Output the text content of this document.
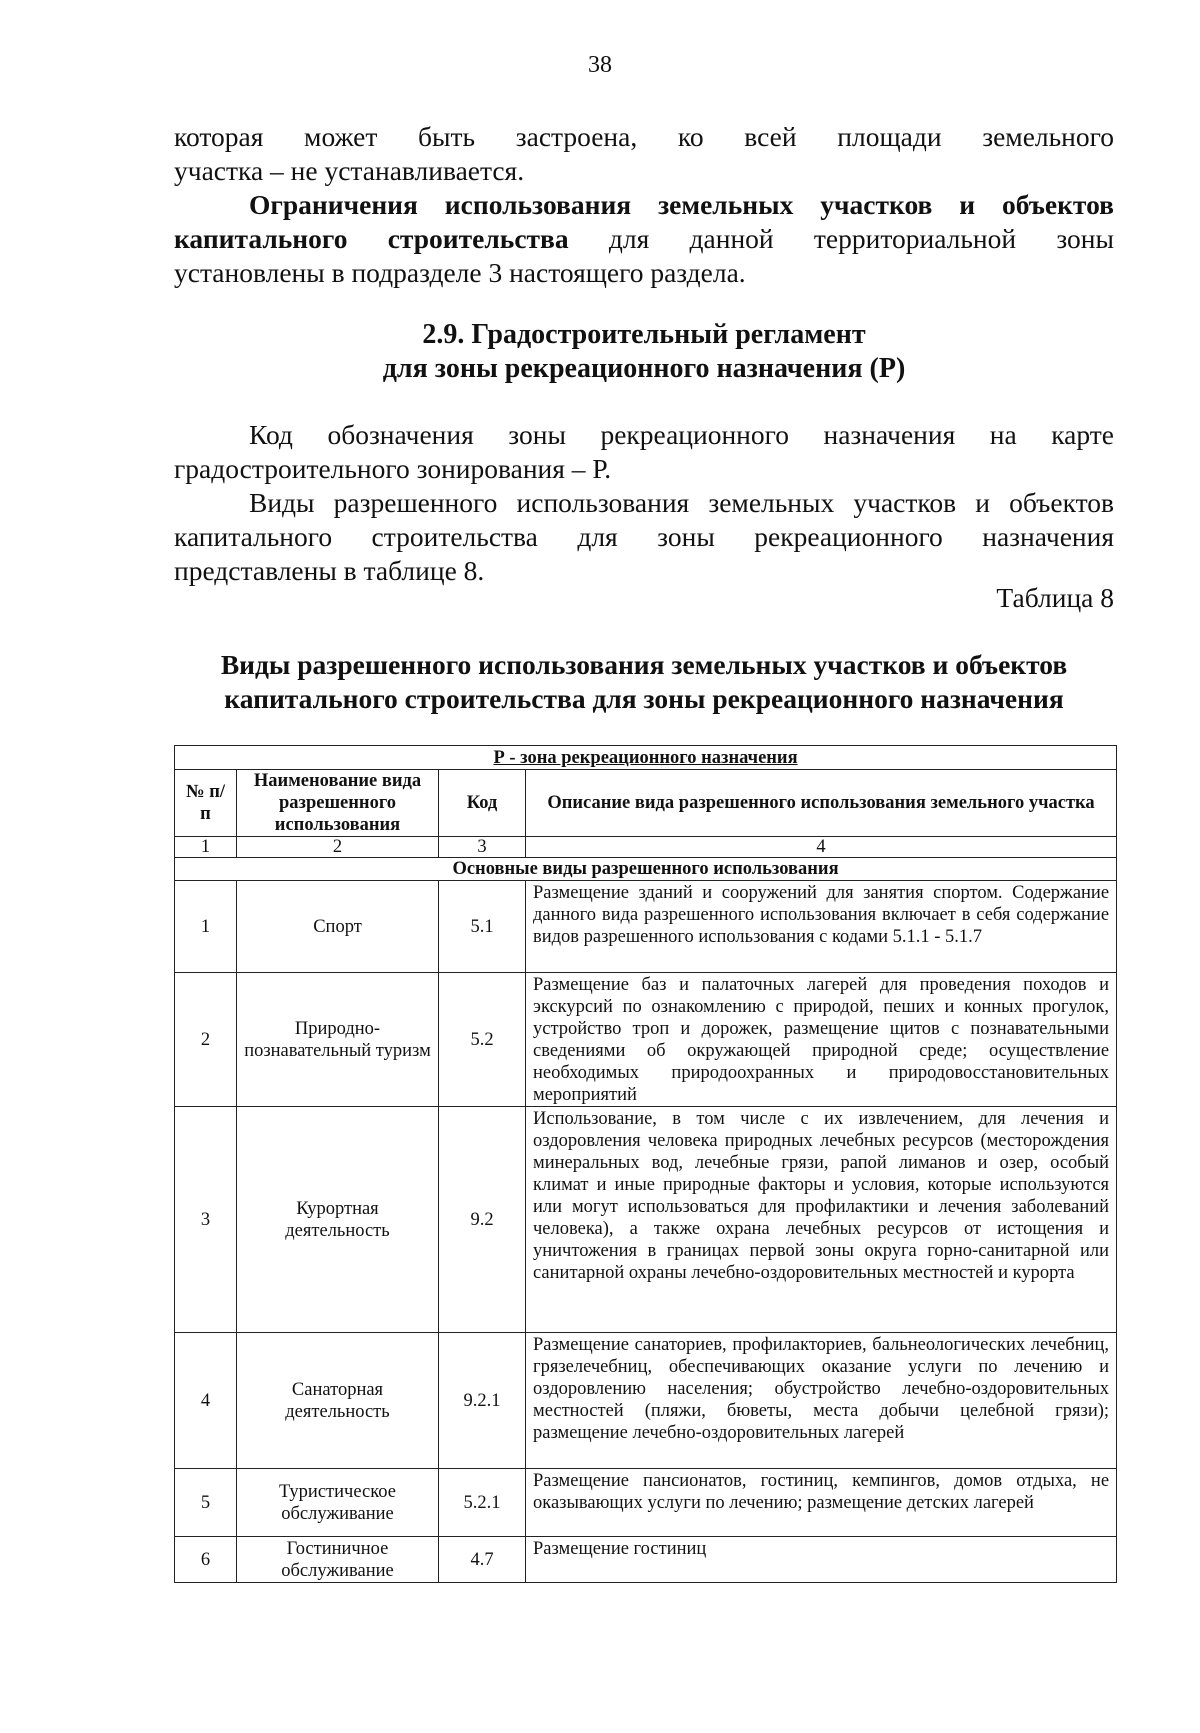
38

которая может быть застроена, ко всей площади земельного

участка – не устанавливается.

Ограничения использования земельных участков и объектов

капитального строительства для данной территориальной зоны

установлены в подразделе 3 настоящего раздела.

2.9. Градостроительный регламент
для зоны рекреационного назначения (Р)

Код обозначения зоны рекреационного назначения на карте

градостроительного зонирования – Р.

Виды разрешенного использования земельных участков и объектов

капитального строительства для зоны рекреационного назначения

представлены в таблице 8.

Таблица 8
Виды разрешенного использования земельных участков и объектов
капитального строительства для зоны рекреационного назначения
Р - зона рекреационного назначения			
№ п/п	Наименование вида разрешенного использования	Код	Описание вида разрешенного использования земельного участка
1	2	3	4
Основные виды разрешенного использования			
1	Спорт	5.1	Размещение зданий и сооружений для занятия спортом. Содержание данного вида разрешенного использования включает в себя содержание видов разрешенного использования с кодами 5.1.1 - 5.1.7
2	Природно-познавательный туризм	5.2	Размещение баз и палаточных лагерей для проведения походов и экскурсий по ознакомлению с природой, пеших и конных прогулок, устройство троп и дорожек, размещение щитов с познавательными сведениями об окружающей природной среде; осуществление необходимых природоохранных и природовосстановительных мероприятий
3	Курортная деятельность	9.2	Использование, в том числе с их извлечением, для лечения и оздоровления человека природных лечебных ресурсов (месторождения минеральных вод, лечебные грязи, рапой лиманов и озер, особый климат и иные природные факторы и условия, которые используются или могут использоваться для профилактики и лечения заболеваний человека), а также охрана лечебных ресурсов от истощения и уничтожения в границах первой зоны округа горно-санитарной или санитарной охраны лечебно-оздоровительных местностей и курорта
4	Санаторная деятельность	9.2.1	Размещение санаториев, профилакториев, бальнеологических лечебниц, грязелечебниц, обеспечивающих оказание услуги по лечению и оздоровлению населения; обустройство лечебно-оздоровительных местностей (пляжи, бюветы, места добычи целебной грязи); размещение лечебно-оздоровительных лагерей
5	Туристическое обслуживание	5.2.1	Размещение пансионатов, гостиниц, кемпингов, домов отдыха, не оказывающих услуги по лечению; размещение детских лагерей
6	Гостиничное обслуживание	4.7	Размещение гостиниц
